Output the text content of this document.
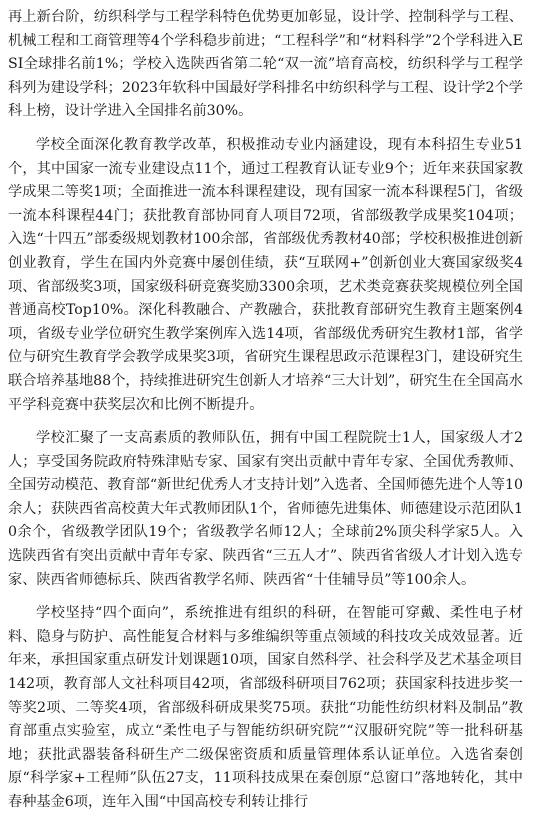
再上新台阶，纺织科学与工程学科特色优势更加彰显，设计学、控制科学与工程、机械工程和工商管理等4个学科稳步前进；“工程科学”和“材料科学”2个学科进入ESI全球排名前1%；学校入选陕西省第二轮“双一流”培育高校，纺织科学与工程学科列为建设学科；2023年软科中国最好学科排名中纺织科学与工程、设计学2个学科上榜，设计学进入全国排名前30%。

学校全面深化教育教学改革，积极推动专业内涵建设，现有本科招生专业51个，其中国家一流专业建设点11个，通过工程教育认证专业9个；近年来获国家教学成果二等奖1项；全面推进一流本科课程建设，现有国家一流本科课程5门，省级一流本科课程44门；获批教育部协同育人项目72项，省部级教学成果奖104项；入选“十四五”部委级规划教材100余部，省部级优秀教材40部；学校积极推进创新创业教育，学生在国内外竞赛中屡创佳绩，获“互联网+”创新创业大赛国家级奖4项、省部级奖3项，国家级科研竞赛奖励3300余项，艺术类竞赛获奖规模位列全国普通高校Top10%。深化科教融合、产教融合，获批教育部研究生教育主题案例4项，省级专业学位研究生教学案例库入选14项，省部级优秀研究生教材1部，省学位与研究生教育学会教学成果奖3项，省研究生课程思政示范课程3门，建设研究生联合培养基地88个，持续推进研究生创新人才培养“三大计划”，研究生在全国高水平学科竞赛中获奖层次和比例不断提升。

学校汇聚了一支高素质的教师队伍，拥有中国工程院院士1人，国家级人才2人；享受国务院政府特殊津贴专家、国家有突出贡献中青年专家、全国优秀教师、全国劳动模范、教育部“新世纪优秀人才支持计划”入选者、全国师德先进个人等10余人；获陕西省高校黄大年式教师团队1个，省师德先进集体、师德建设示范团队10余个，省级教学团队19个；省级教学名师12人；全球前2%顶尖科学家5人。入选陕西省有突出贡献中青年专家、陕西省“三五人才”、陕西省省级人才计划入选专家、陕西省师德标兵、陕西省教学名师、陕西省“十佳辅导员”等100余人。

学校坚持“四个面向”，系统推进有组织的科研，在智能可穿戴、柔性电子材料、隐身与防护、高性能复合材料与多维编织等重点领域的科技攻关成效显著。近年来，承担国家重点研发计划课题10项，国家自然科学、社会科学及艺术基金项目142项，教育部人文社科项目42项，省部级科研项目762项；获国家科技进步奖一等奖2项、二等奖4项，省部级科研成果奖75项。获批“功能性纺织材料及制品”教育部重点实验室，成立“柔性电子与智能纺织研究院”“汉服研究院”等一批科研基地；获批武器装备科研生产二级保密资质和质量管理体系认证单位。入选省秦创原“科学家+工程师”队伍27支，11项科技成果在秦创原“总窗口”落地转化，其中春种基金6项，连年入围“中国高校专利转让排行
